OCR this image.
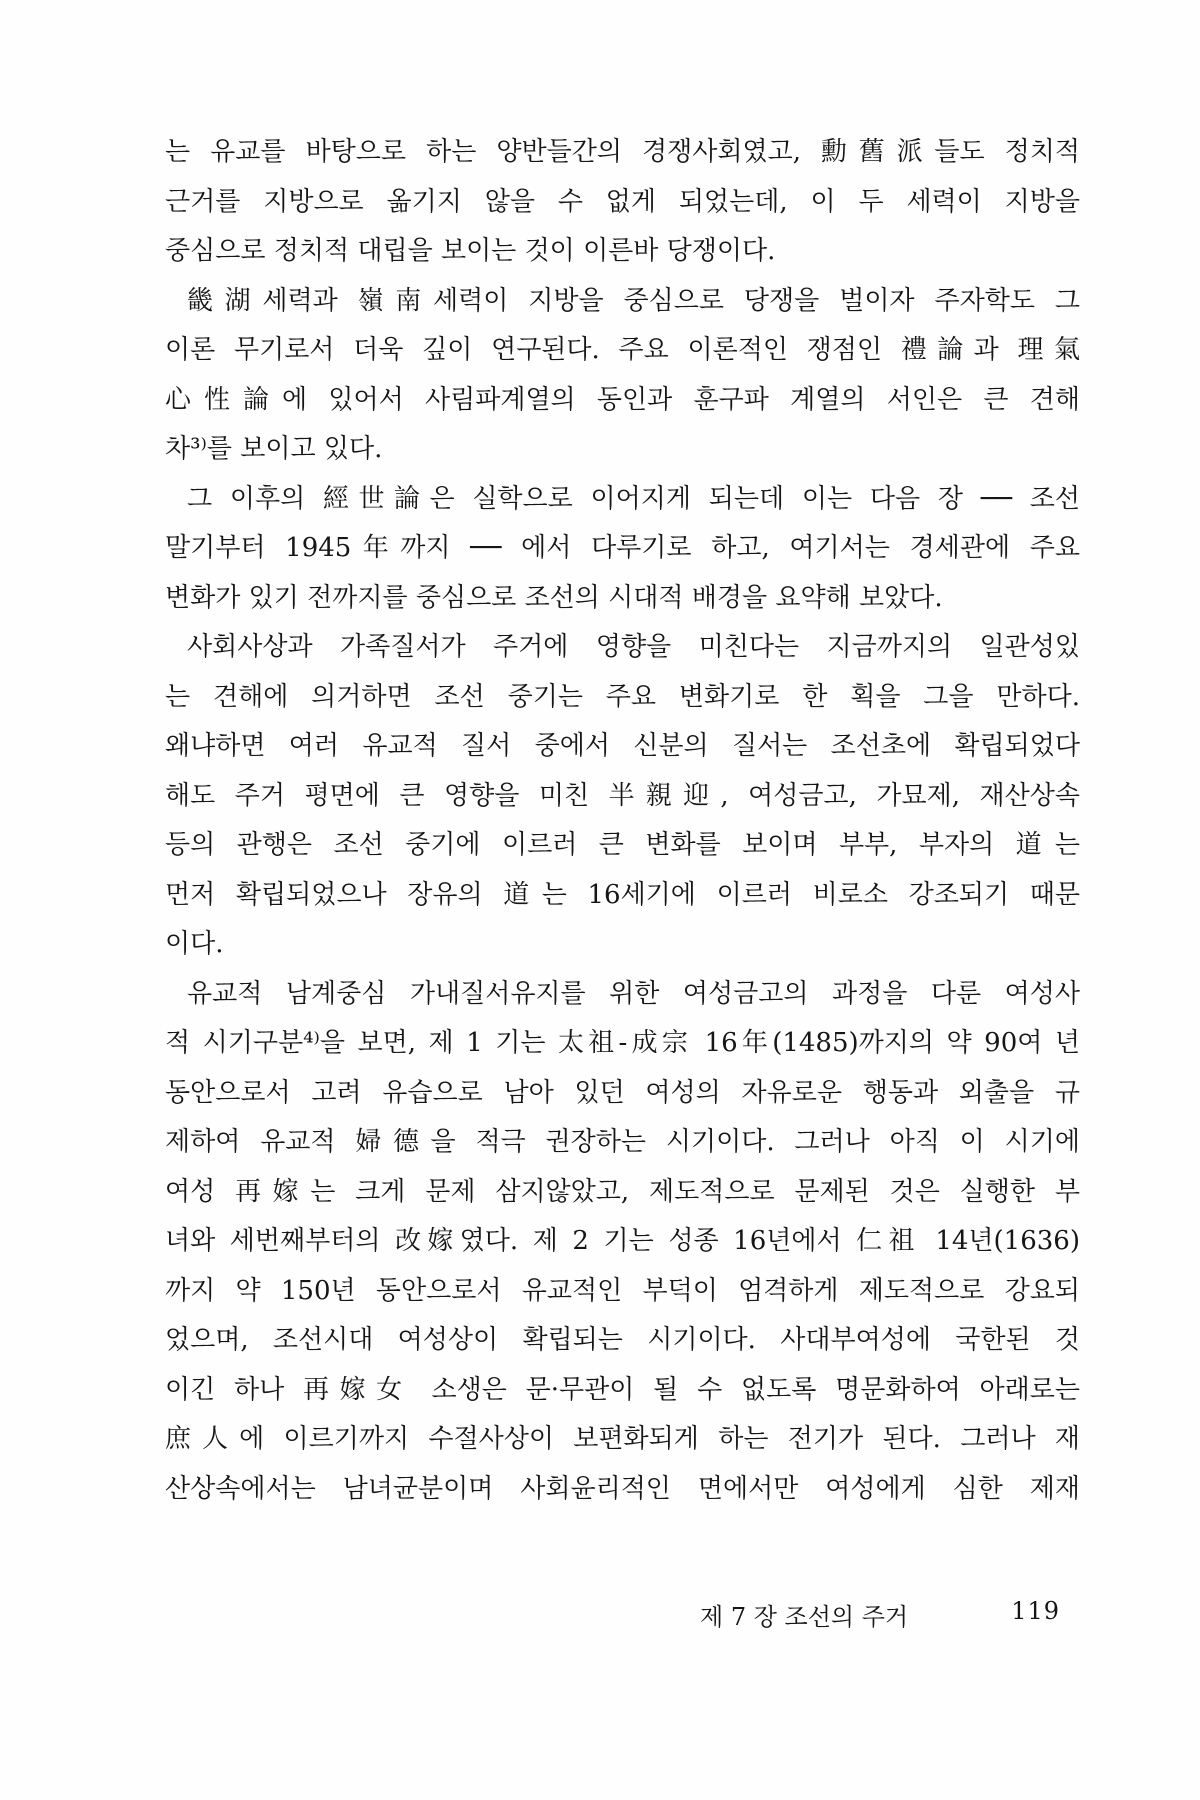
는 유교를 바탕으로 하는 양반들간의 경쟁사회였고, 勳舊派들도 정치적
근거를 지방으로 옮기지 않을 수 없게 되었는데, 이 두 세력이 지방을
중심으로 정치적 대립을 보이는 것이 이른바 당쟁이다.
畿湖세력과 嶺南세력이 지방을 중심으로 당쟁을 벌이자 주자학도 그
이론 무기로서 더욱 깊이 연구된다. 주요 이론적인 쟁점인 禮論과 理氣
心性論에 있어서 사림파계열의 동인과 훈구파 계열의 서인은 큰 견해
차³⁾를 보이고 있다.
그 이후의 經世論은 실학으로 이어지게 되는데 이는 다음 장 ── 조선
말기부터 1945年까지 ── 에서 다루기로 하고, 여기서는 경세관에 주요
변화가 있기 전까지를 중심으로 조선의 시대적 배경을 요약해 보았다.
사회사상과 가족질서가 주거에 영향을 미친다는 지금까지의 일관성있
는 견해에 의거하면 조선 중기는 주요 변화기로 한 획을 그을 만하다.
왜냐하면 여러 유교적 질서 중에서 신분의 질서는 조선초에 확립되었다
해도 주거 평면에 큰 영향을 미친 半親迎, 여성금고, 가묘제, 재산상속
등의 관행은 조선 중기에 이르러 큰 변화를 보이며 부부, 부자의 道는
먼저 확립되었으나 장유의 道는 16세기에 이르러 비로소 강조되기 때문
이다.
유교적 남계중심 가내질서유지를 위한 여성금고의 과정을 다룬 여성사
적 시기구분⁴⁾을 보면, 제 1 기는 太祖-成宗 16年(1485)까지의 약 90여 년
동안으로서 고려 유습으로 남아 있던 여성의 자유로운 행동과 외출을 규
제하여 유교적 婦德을 적극 권장하는 시기이다. 그러나 아직 이 시기에
여성 再嫁는 크게 문제 삼지않았고, 제도적으로 문제된 것은 실행한 부
녀와 세번째부터의 改嫁였다. 제 2 기는 성종 16년에서 仁祖 14년(1636)
까지 약 150년 동안으로서 유교적인 부덕이 엄격하게 제도적으로 강요되
었으며, 조선시대 여성상이 확립되는 시기이다. 사대부여성에 국한된 것
이긴 하나 再嫁女 소생은 문·무관이 될 수 없도록 명문화하여 아래로는
庶人에 이르기까지 수절사상이 보편화되게 하는 전기가 된다. 그러나 재
산상속에서는 남녀균분이며 사회윤리적인 면에서만 여성에게 심한 제재
제 7 장 조선의 주거	119
